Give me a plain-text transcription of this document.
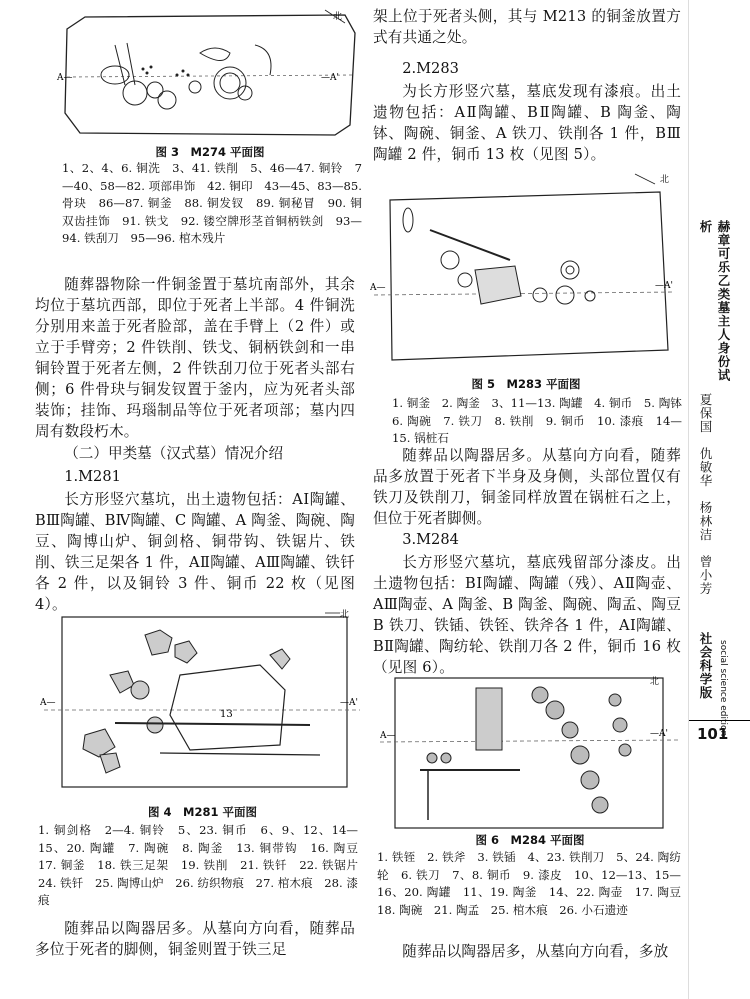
A—	—A'
北
图 3　M274 平面图
1、2、4、6. 铜洗　3、41. 铁削　5、46—47. 铜铃　7—40、58—82. 项部串饰　42. 铜印　43—45、83—85. 骨玦　86—87. 铜釜　88. 铜发钗　89. 铜秘冒　90. 铜双齿挂饰　91. 铁戈　92. 镂空牌形茎首铜柄铁剑　93—94. 铁刮刀　95—96. 棺木残片
随葬器物除一件铜釜置于墓坑南部外，其余均位于墓坑西部，即位于死者上半部。4 件铜洗分别用来盖于死者脸部，盖在手臂上（2 件）或立于手臂旁；2 件铁削、铁戈、铜柄铁剑和一串铜铃置于死者左侧，2 件铁刮刀位于死者头部右侧；6 件骨玦与铜发钗置于釜内，应为死者头部装饰；挂饰、玛瑙制品等位于死者项部；墓内四周有数段朽木。
（二）甲类墓（汉式墓）情况介绍
1.M281
长方形竖穴墓坑，出土遗物包括：AⅠ陶罐、BⅢ陶罐、BⅣ陶罐、C 陶罐、A 陶釜、陶碗、陶豆、陶博山炉、铜剑格、铜带钩、铁锯片、铁削、铁三足架各 1 件，AⅡ陶罐、AⅢ陶罐、铁钎各 2 件，以及铜铃 3 件、铜币 22 枚（见图 4）。
13
A—	—A'
北
图 4　M281 平面图
1. 铜剑格　2—4. 铜铃　5、23. 铜币　6、9、12、14—15、20. 陶罐　7. 陶碗　8. 陶釜　13. 铜带钩　16. 陶豆　17. 铜釜　18. 铁三足架　19. 铁削　21. 铁钎　22. 铁锯片　24. 铁钎　25. 陶博山炉　26. 纺织物痕　27. 棺木痕　28. 漆痕
随葬品以陶器居多。从墓向方向看，随葬品多位于死者的脚侧，铜釜则置于铁三足
架上位于死者头侧，其与 M213 的铜釜放置方式有共通之处。
2.M283
为长方形竖穴墓，墓底发现有漆痕。出土遗物包括：AⅡ陶罐、BⅡ陶罐、B 陶釜、陶钵、陶碗、铜釜、A 铁刀、铁削各 1 件，BⅢ陶罐 2 件，铜币 13 枚（见图 5）。
A—	—A'
北
图 5　M283 平面图
1. 铜釜　2. 陶釜　3、11—13. 陶罐　4. 铜币　5. 陶钵　6. 陶碗　7. 铁刀　8. 铁削　9. 铜币　10. 漆痕　14—15. 锅桩石
随葬品以陶器居多。从墓向方向看，随葬品多放置于死者下半身及身侧，头部位置仅有铁刀及铁削刀，铜釜同样放置在锅桩石之上，但位于死者脚侧。
3.M284
长方形竖穴墓坑，墓底残留部分漆皮。出土遗物包括：BⅠ陶罐、陶罐（残）、AⅡ陶壶、AⅢ陶壶、A 陶釜、B 陶釜、陶碗、陶孟、陶豆 B 铁刀、铁锸、铁铚、铁斧各 1 件，AⅠ陶罐、BⅡ陶罐、陶纺轮、铁削刀各 2 件，铜币 16 枚（见图 6）。
A—	—A'
北
图 6　M284 平面图
1. 铁铚　2. 铁斧　3. 铁锸　4、23. 铁削刀　5、24. 陶纺轮　6. 铁刀　7、8. 铜币　9. 漆皮　10、12—13、15—16、20. 陶罐　11、19. 陶釜　14、22. 陶壶　17. 陶豆　18. 陶碗　21. 陶孟　25. 棺木痕　26. 小石遗迹
随葬品以陶器居多，从墓向方向看，多放
赫章可乐乙类墓主人身份试析
夏保国　仇敏华　杨林洁　曾小芳
社会科学版 social science edition
101
